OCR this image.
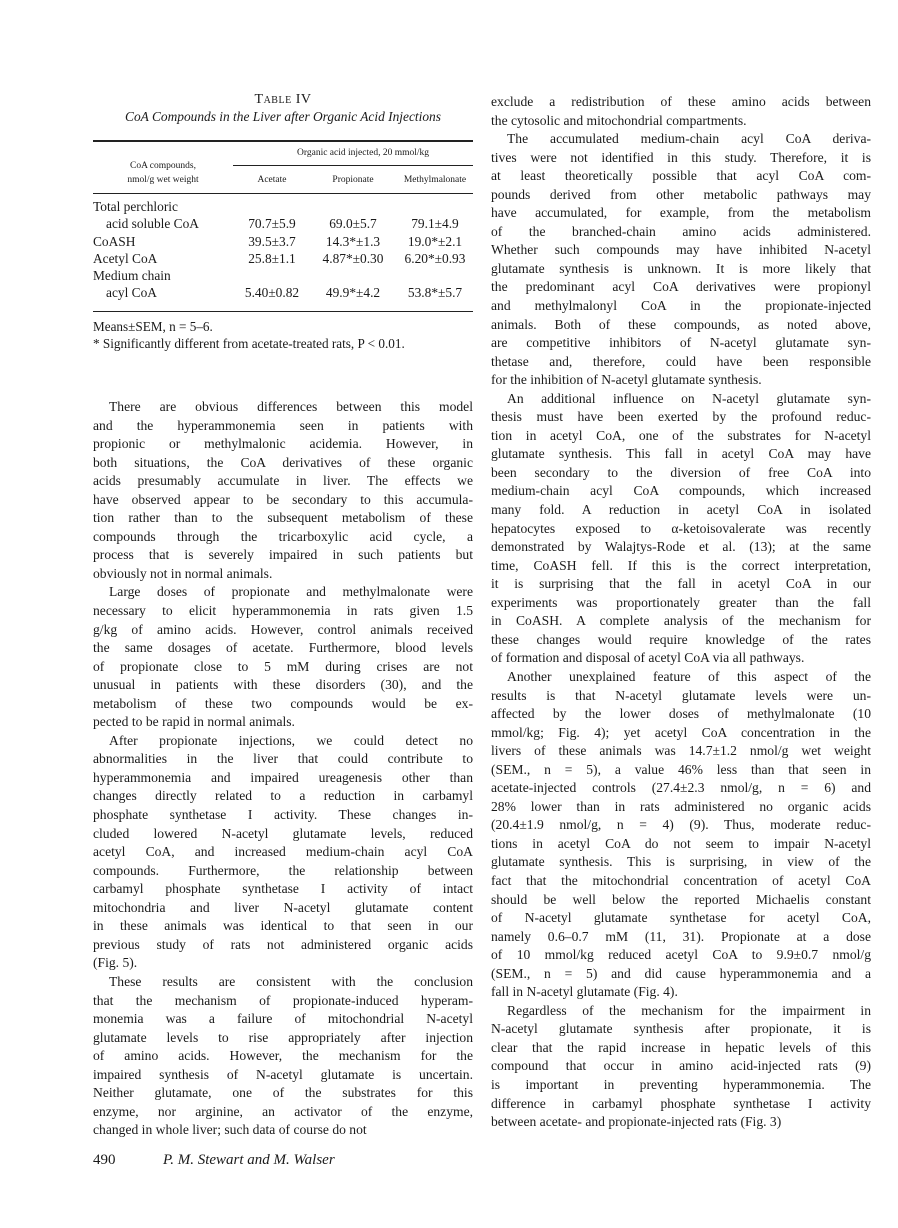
Table IV
CoA Compounds in the Liver after Organic Acid Injections
Organic acid injected, 20 mmol/kg
CoA compounds,
nmol/g wet weight	Acetate	Propionate	Methylmalonate
Total perchloric
acid soluble CoA	70.7±5.9	69.0±5.7	79.1±4.9
CoASH	39.5±3.7	14.3*±1.3	19.0*±2.1
Acetyl CoA	25.8±1.1	4.87*±0.30	6.20*±0.93
Medium chain
acyl CoA	5.40±0.82	49.9*±4.2	53.8*±5.7
Means±SEM, n = 5–6.
* Significantly different from acetate-treated rats, P < 0.01.
There are obvious differences between this model
and the hyperammonemia seen in patients with
propionic or methylmalonic acidemia. However, in
both situations, the CoA derivatives of these organic
acids presumably accumulate in liver. The effects we
have observed appear to be secondary to this accumula-
tion rather than to the subsequent metabolism of these
compounds through the tricarboxylic acid cycle, a
process that is severely impaired in such patients but
obviously not in normal animals.
Large doses of propionate and methylmalonate were
necessary to elicit hyperammonemia in rats given 1.5
g/kg of amino acids. However, control animals received
the same dosages of acetate. Furthermore, blood levels
of propionate close to 5 mM during crises are not
unusual in patients with these disorders (30), and the
metabolism of these two compounds would be ex-
pected to be rapid in normal animals.
After propionate injections, we could detect no
abnormalities in the liver that could contribute to
hyperammonemia and impaired ureagenesis other than
changes directly related to a reduction in carbamyl
phosphate synthetase I activity. These changes in-
cluded lowered N-acetyl glutamate levels, reduced
acetyl CoA, and increased medium-chain acyl CoA
compounds. Furthermore, the relationship between
carbamyl phosphate synthetase I activity of intact
mitochondria and liver N-acetyl glutamate content
in these animals was identical to that seen in our
previous study of rats not administered organic acids
(Fig. 5).
These results are consistent with the conclusion
that the mechanism of propionate-induced hyperam-
monemia was a failure of mitochondrial N-acetyl
glutamate levels to rise appropriately after injection
of amino acids. However, the mechanism for the
impaired synthesis of N-acetyl glutamate is uncertain.
Neither glutamate, one of the substrates for this
enzyme, nor arginine, an activator of the enzyme,
changed in whole liver; such data of course do not
exclude a redistribution of these amino acids between
the cytosolic and mitochondrial compartments.
The accumulated medium-chain acyl CoA deriva-
tives were not identified in this study. Therefore, it is
at least theoretically possible that acyl CoA com-
pounds derived from other metabolic pathways may
have accumulated, for example, from the metabolism
of the branched-chain amino acids administered.
Whether such compounds may have inhibited N-acetyl
glutamate synthesis is unknown. It is more likely that
the predominant acyl CoA derivatives were propionyl
and methylmalonyl CoA in the propionate-injected
animals. Both of these compounds, as noted above,
are competitive inhibitors of N-acetyl glutamate syn-
thetase and, therefore, could have been responsible
for the inhibition of N-acetyl glutamate synthesis.
An additional influence on N-acetyl glutamate syn-
thesis must have been exerted by the profound reduc-
tion in acetyl CoA, one of the substrates for N-acetyl
glutamate synthesis. This fall in acetyl CoA may have
been secondary to the diversion of free CoA into
medium-chain acyl CoA compounds, which increased
many fold. A reduction in acetyl CoA in isolated
hepatocytes exposed to α-ketoisovalerate was recently
demonstrated by Walajtys-Rode et al. (13); at the same
time, CoASH fell. If this is the correct interpretation,
it is surprising that the fall in acetyl CoA in our
experiments was proportionately greater than the fall
in CoASH. A complete analysis of the mechanism for
these changes would require knowledge of the rates
of formation and disposal of acetyl CoA via all pathways.
Another unexplained feature of this aspect of the
results is that N-acetyl glutamate levels were un-
affected by the lower doses of methylmalonate (10
mmol/kg; Fig. 4); yet acetyl CoA concentration in the
livers of these animals was 14.7±1.2 nmol/g wet weight
(SEM., n = 5), a value 46% less than that seen in
acetate-injected controls (27.4±2.3 nmol/g, n = 6) and
28% lower than in rats administered no organic acids
(20.4±1.9 nmol/g, n = 4) (9). Thus, moderate reduc-
tions in acetyl CoA do not seem to impair N-acetyl
glutamate synthesis. This is surprising, in view of the
fact that the mitochondrial concentration of acetyl CoA
should be well below the reported Michaelis constant
of N-acetyl glutamate synthetase for acetyl CoA,
namely 0.6–0.7 mM (11, 31). Propionate at a dose
of 10 mmol/kg reduced acetyl CoA to 9.9±0.7 nmol/g
(SEM., n = 5) and did cause hyperammonemia and a
fall in N-acetyl glutamate (Fig. 4).
Regardless of the mechanism for the impairment in
N-acetyl glutamate synthesis after propionate, it is
clear that the rapid increase in hepatic levels of this
compound that occur in amino acid-injected rats (9)
is important in preventing hyperammonemia. The
difference in carbamyl phosphate synthetase I activity
between acetate- and propionate-injected rats (Fig. 3)
490	P. M. Stewart and M. Walser
